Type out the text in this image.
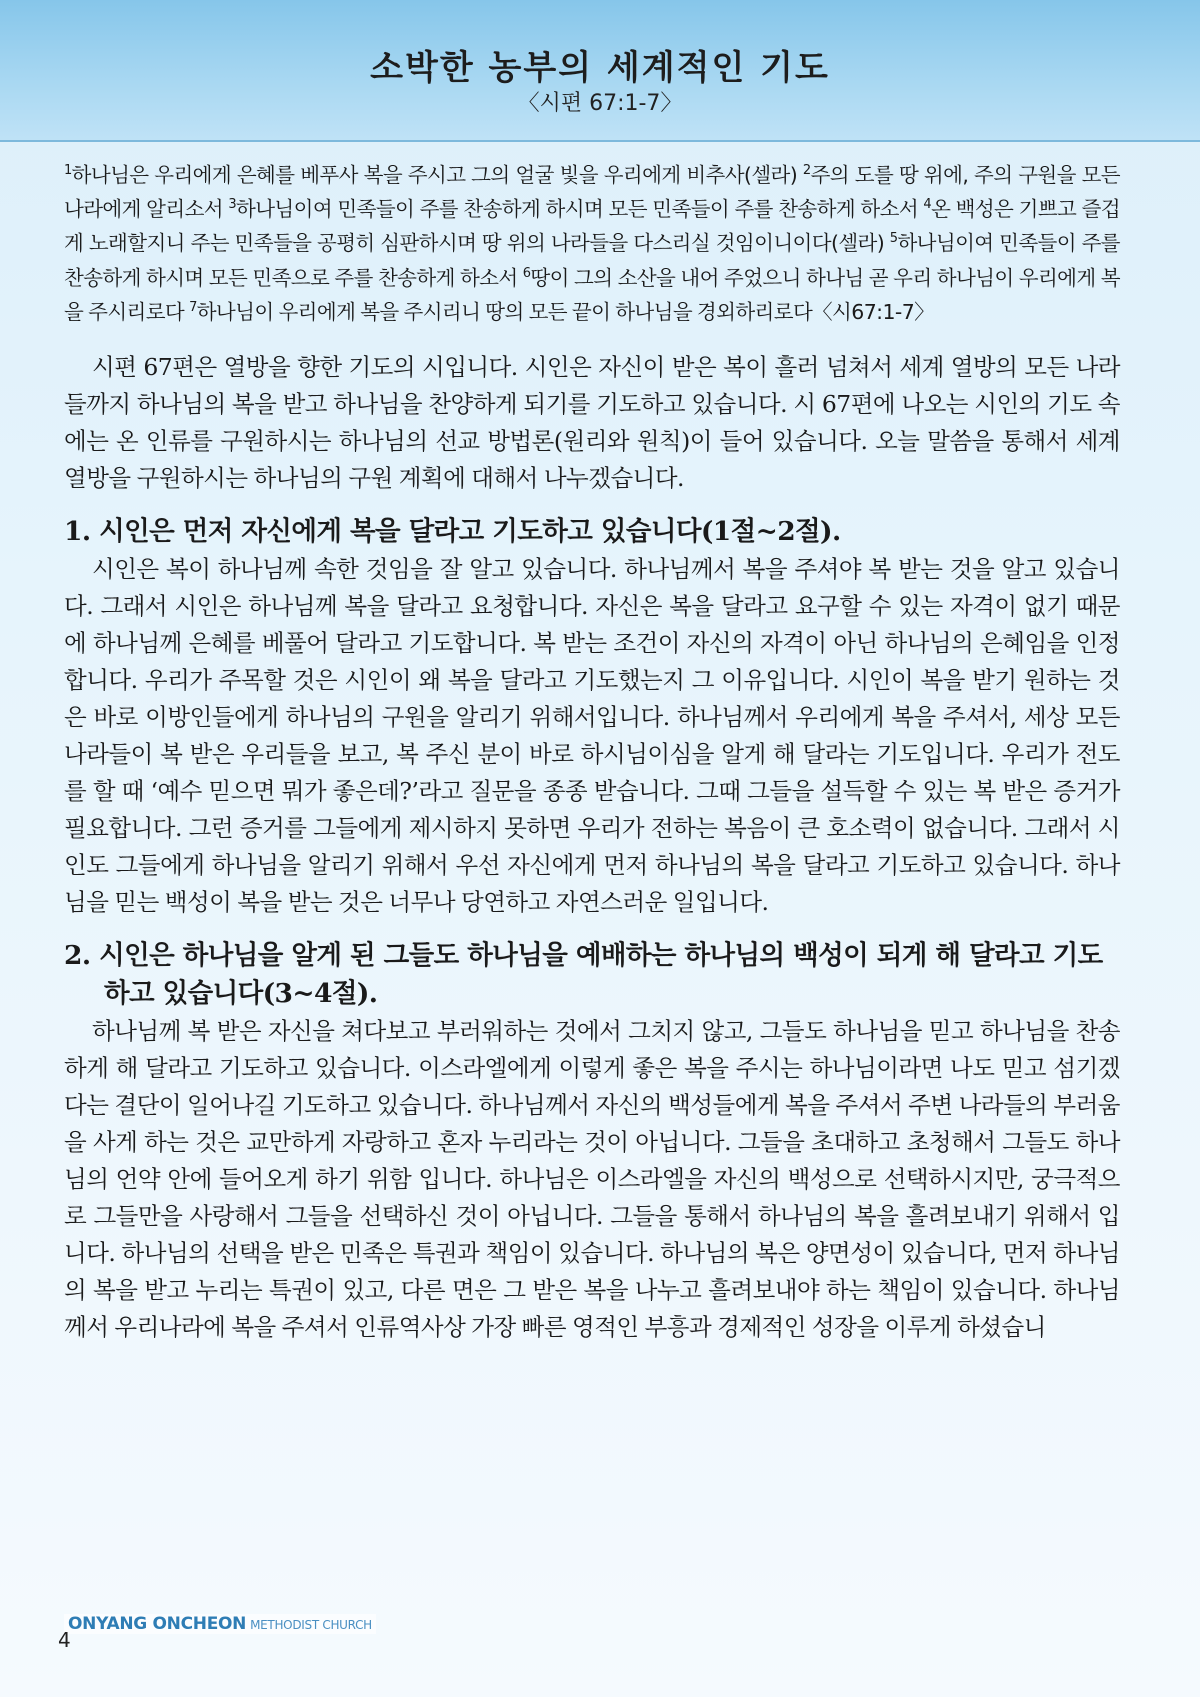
소박한 농부의 세계적인 기도
〈시편 67:1-7〉

$^1$하나님은 우리에게 은혜를 베푸사 복을 주시고 그의 얼굴 빛을 우리에게 비추사(셀라) $^2$주의 도를 땅 위에, 주의 구원을 모든 나라에게 알리소서 $^3$하나님이여 민족들이 주를 찬송하게 하시며 모든 민족들이 주를 찬송하게 하소서 $^4$온 백성은 기쁘고 즐겁게 노래할지니 주는 민족들을 공평히 심판하시며 땅 위의 나라들을 다스리실 것임이니이다(셀라) $^5$하나님이여 민족들이 주를 찬송하게 하시며 모든 민족으로 주를 찬송하게 하소서 $^6$땅이 그의 소산을 내어 주었으니 하나님 곧 우리 하나님이 우리에게 복을 주시리로다 $^7$하나님이 우리에게 복을 주시리니 땅의 모든 끝이 하나님을 경외하리로다〈시67:1-7〉

시편 67편은 열방을 향한 기도의 시입니다. 시인은 자신이 받은 복이 흘러 넘쳐서 세계 열방의 모든 나라들까지 하나님의 복을 받고 하나님을 찬양하게 되기를 기도하고 있습니다. 시 67편에 나오는 시인의 기도 속에는 온 인류를 구원하시는 하나님의 선교 방법론(원리와 원칙)이 들어 있습니다. 오늘 말씀을 통해서 세계 열방을 구원하시는 하나님의 구원 계획에 대해서 나누겠습니다.

1. 시인은 먼저 자신에게 복을 달라고 기도하고 있습니다(1절~2절).

시인은 복이 하나님께 속한 것임을 잘 알고 있습니다. 하나님께서 복을 주셔야 복 받는 것을 알고 있습니다. 그래서 시인은 하나님께 복을 달라고 요청합니다. 자신은 복을 달라고 요구할 수 있는 자격이 없기 때문에 하나님께 은혜를 베풀어 달라고 기도합니다. 복 받는 조건이 자신의 자격이 아닌 하나님의 은혜임을 인정합니다. 우리가 주목할 것은 시인이 왜 복을 달라고 기도했는지 그 이유입니다. 시인이 복을 받기 원하는 것은 바로 이방인들에게 하나님의 구원을 알리기 위해서입니다. 하나님께서 우리에게 복을 주셔서, 세상 모든 나라들이 복 받은 우리들을 보고, 복 주신 분이 바로 하시님이심을 알게 해 달라는 기도입니다. 우리가 전도를 할 때 ‘예수 믿으면 뭐가 좋은데?’라고 질문을 종종 받습니다. 그때 그들을 설득할 수 있는 복 받은 증거가 필요합니다. 그런 증거를 그들에게 제시하지 못하면 우리가 전하는 복음이 큰 호소력이 없습니다. 그래서 시인도 그들에게 하나님을 알리기 위해서 우선 자신에게 먼저 하나님의 복을 달라고 기도하고 있습니다. 하나님을 믿는 백성이 복을 받는 것은 너무나 당연하고 자연스러운 일입니다.

2. 시인은 하나님을 알게 된 그들도 하나님을 예배하는 하나님의 백성이 되게 해 달라고 기도하고 있습니다(3~4절).

하나님께 복 받은 자신을 쳐다보고 부러워하는 것에서 그치지 않고, 그들도 하나님을 믿고 하나님을 찬송하게 해 달라고 기도하고 있습니다. 이스라엘에게 이렇게 좋은 복을 주시는 하나님이라면 나도 믿고 섬기겠다는 결단이 일어나길 기도하고 있습니다. 하나님께서 자신의 백성들에게 복을 주셔서 주변 나라들의 부러움을 사게 하는 것은 교만하게 자랑하고 혼자 누리라는 것이 아닙니다. 그들을 초대하고 초청해서 그들도 하나님의 언약 안에 들어오게 하기 위함 입니다. 하나님은 이스라엘을 자신의 백성으로 선택하시지만, 궁극적으로 그들만을 사랑해서 그들을 선택하신 것이 아닙니다. 그들을 통해서 하나님의 복을 흘려보내기 위해서 입니다. 하나님의 선택을 받은 민족은 특권과 책임이 있습니다. 하나님의 복은 양면성이 있습니다, 먼저 하나님의 복을 받고 누리는 특권이 있고, 다른 면은 그 받은 복을 나누고 흘려보내야 하는 책임이 있습니다. 하나님께서 우리나라에 복을 주셔서 인류역사상 가장 빠른 영적인 부흥과 경제적인 성장을 이루게 하셨습니

ONYANG ONCHEON METHODIST CHURCH
4
